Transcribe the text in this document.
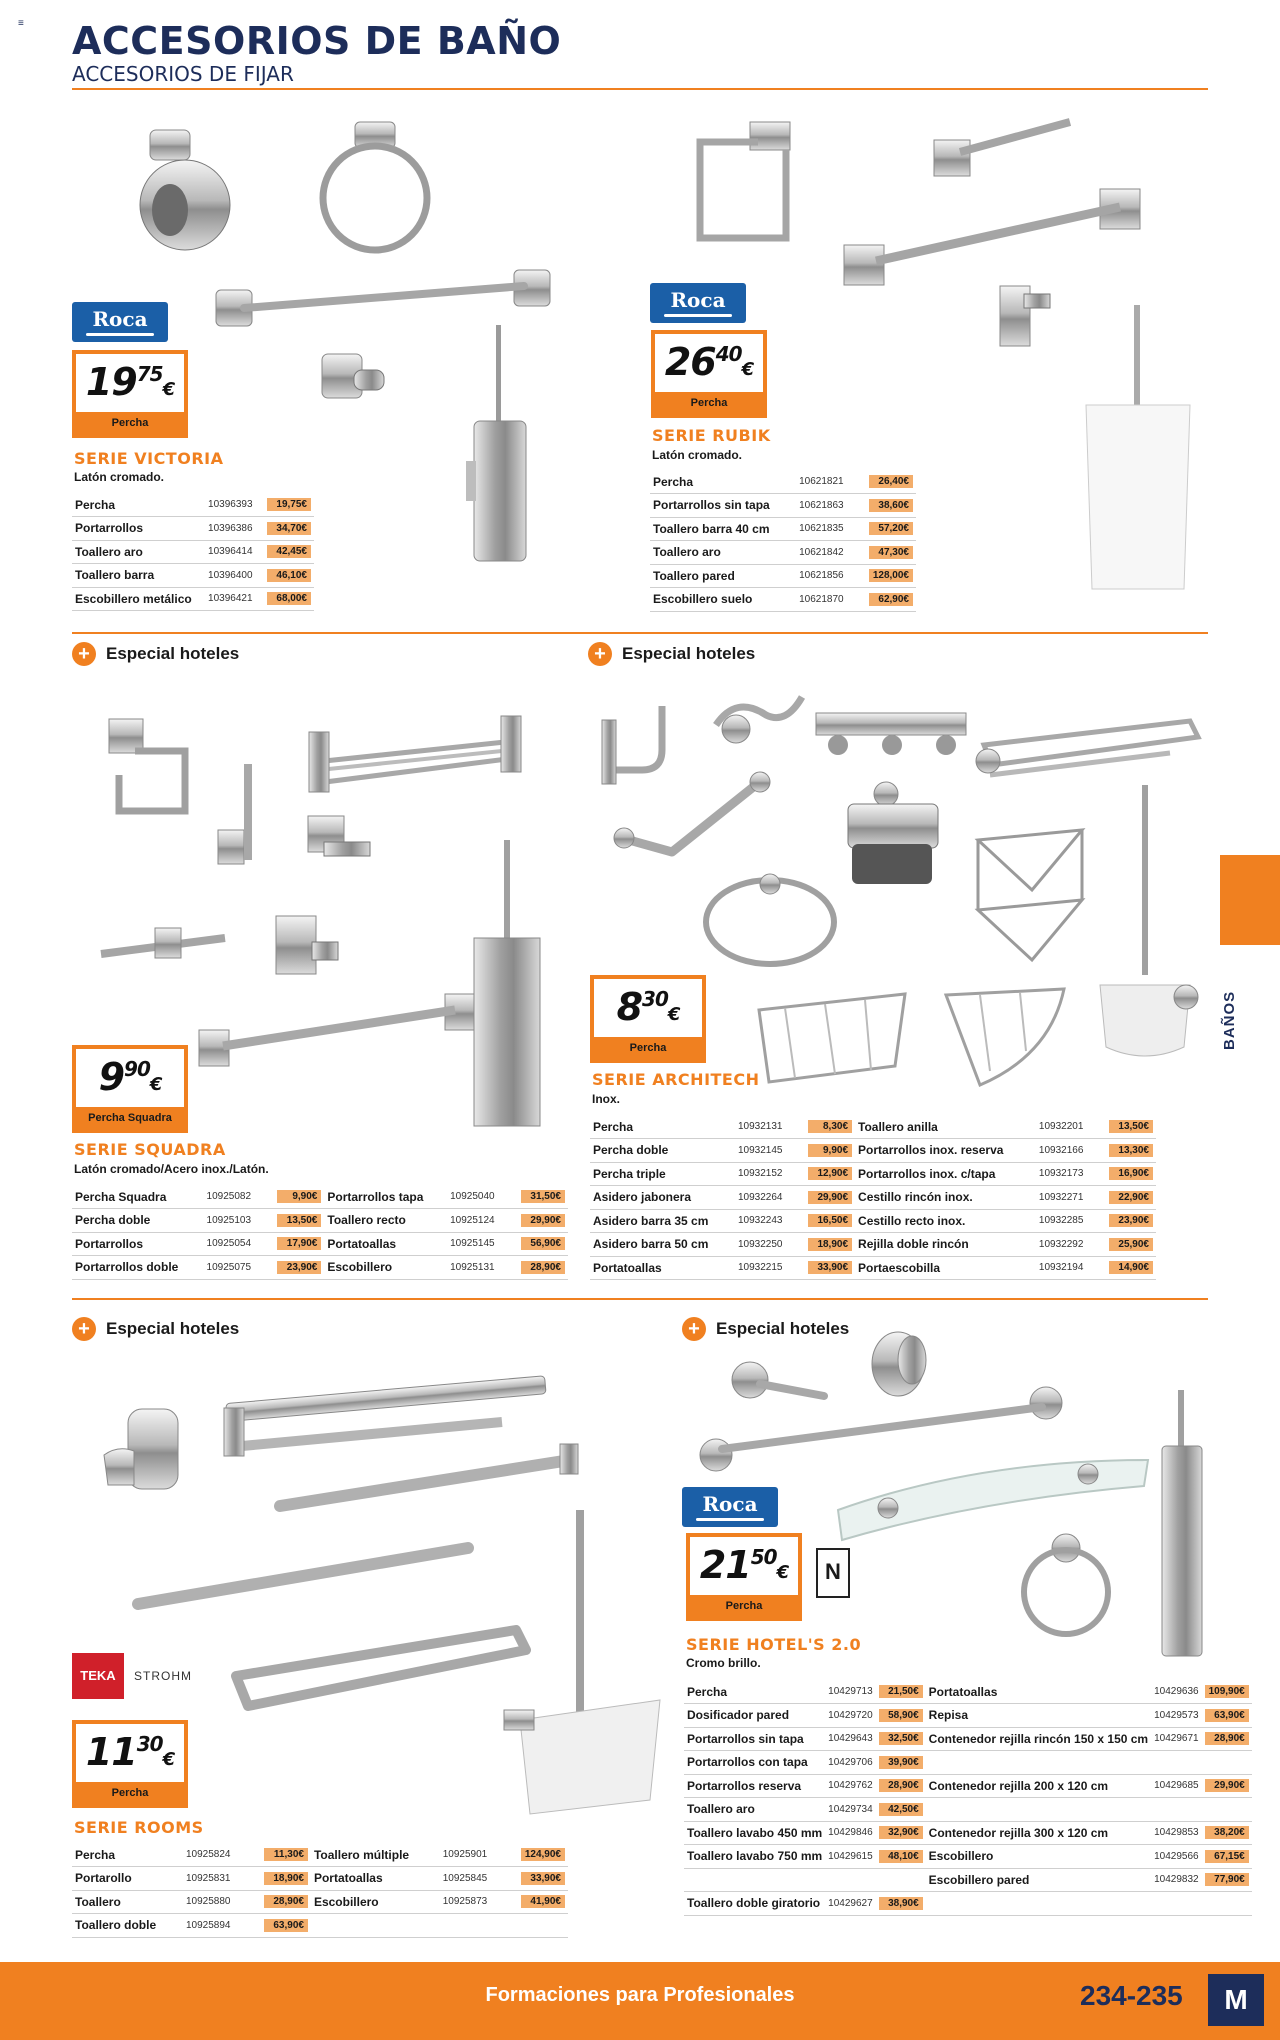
≡ ACCESORIOS DE BAÑO
ACCESORIOS DE FIJAR
Roca
$19^{75}€$
Percha
SERIE VICTORIA
Latón cromado.
Percha	10396393	19,75€
Portarrollos	10396386	34,70€
Toallero aro	10396414	42,45€
Toallero barra	10396400	46,10€
Escobillero metálico	10396421	68,00€
Roca
$26^{40}€$
Percha
SERIE RUBIK
Latón cromado.
Percha	10621821	26,40€
Portarrollos sin tapa	10621863	38,60€
Toallero barra 40 cm	10621835	57,20€
Toallero aro	10621842	47,30€
Toallero pared	10621856	128,00€
Escobillero suelo	10621870	62,90€
+ Especial hoteles
$9^{90}€$
Percha Squadra
SERIE SQUADRA
Latón cromado/Acero inox./Latón.
Percha Squadra	10925082	9,90€	Portarrollos tapa	10925040	31,50€
Percha doble	10925103	13,50€	Toallero recto	10925124	29,90€
Portarrollos	10925054	17,90€	Portatoallas	10925145	56,90€
Portarrollos doble	10925075	23,90€	Escobillero	10925131	28,90€
+ Especial hoteles
$8^{30}€$
Percha
SERIE ARCHITECH
Inox.
Percha	10932131	8,30€	Toallero anilla	10932201	13,50€
Percha doble	10932145	9,90€	Portarrollos inox. reserva	10932166	13,30€
Percha triple	10932152	12,90€	Portarrollos inox. c/tapa	10932173	16,90€
Asidero jabonera	10932264	29,90€	Cestillo rincón inox.	10932271	22,90€
Asidero barra 35 cm	10932243	16,50€	Cestillo recto inox.	10932285	23,90€
Asidero barra 50 cm	10932250	18,90€	Rejilla doble rincón	10932292	25,90€
Portatoallas	10932215	33,90€	Portaescobilla	10932194	14,90€
+ Especial hoteles
TEKA	STROHM
$11^{30}€$
Percha
SERIE ROOMS
Percha	10925824	11,30€	Toallero múltiple	10925901	124,90€
Portarollo	10925831	18,90€	Portatoallas	10925845	33,90€
Toallero	10925880	28,90€	Escobillero	10925873	41,90€
Toallero doble	10925894	63,90€			
+ Especial hoteles
N
Roca
$21^{50}€$
Percha
SERIE HOTEL'S 2.0
Cromo brillo.
Percha	10429713	21,50€	Portatoallas	10429636	109,90€
Dosificador pared	10429720	58,90€	Repisa	10429573	63,90€
Portarrollos sin tapa	10429643	32,50€	Contenedor rejilla rincón 150 x 150 cm	10429671	28,90€
Portarrollos con tapa	10429706	39,90€			
Portarrollos reserva	10429762	28,90€	Contenedor rejilla 200 x 120 cm	10429685	29,90€
Toallero aro	10429734	42,50€			
Toallero lavabo 450 mm	10429846	32,90€	Contenedor rejilla 300 x 120 cm	10429853	38,20€
Toallero lavabo 750 mm	10429615	48,10€	Escobillero	10429566	67,15€
			Escobillero pared	10429832	77,90€
Toallero doble giratorio	10429627	38,90€			
BAÑOS
Formaciones para Profesionales	234-235	M
